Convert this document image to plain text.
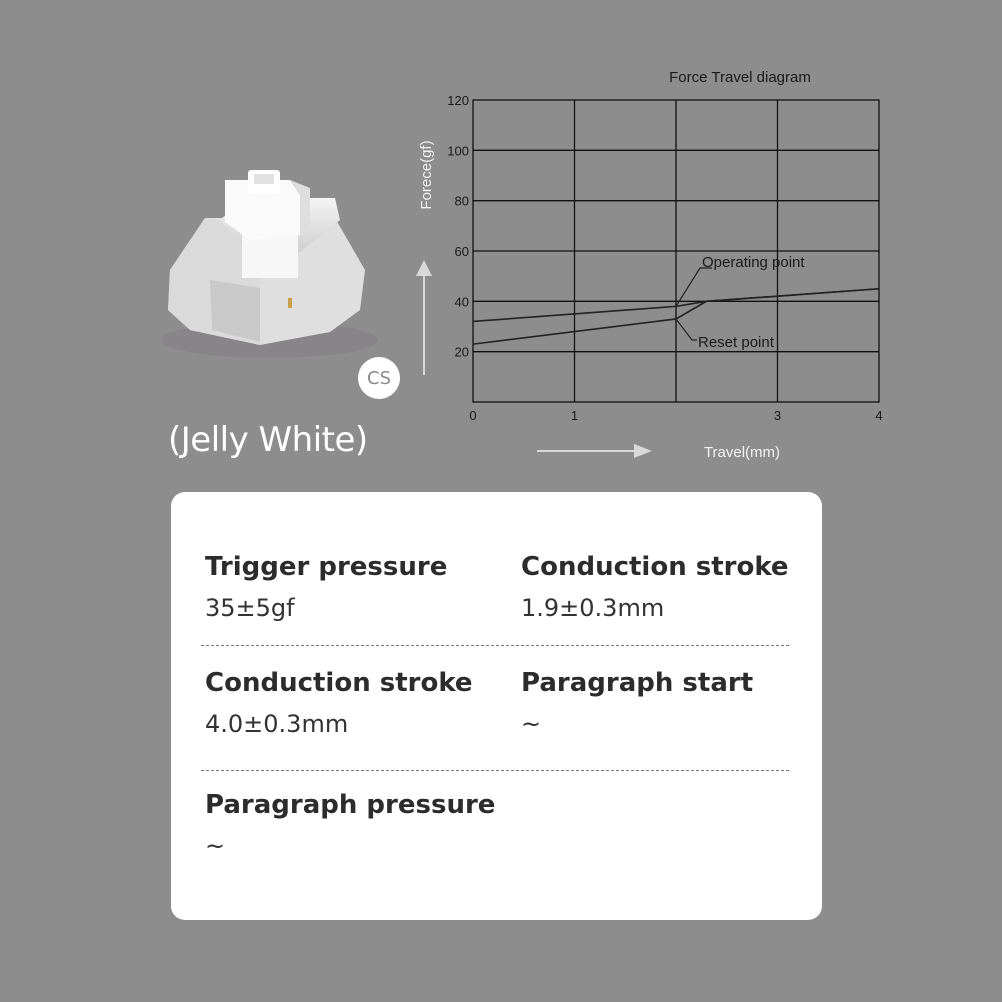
CS
(Jelly White)
Force Travel diagram
20
40
60
80
100
120
0	1	3	4
Operating point
Reset point
Forece(gf)
Travel(mm)
Trigger pressure
35±5gf
Conduction stroke
1.9±0.3mm
Conduction stroke
4.0±0.3mm
Paragraph start
~
Paragraph pressure
~
